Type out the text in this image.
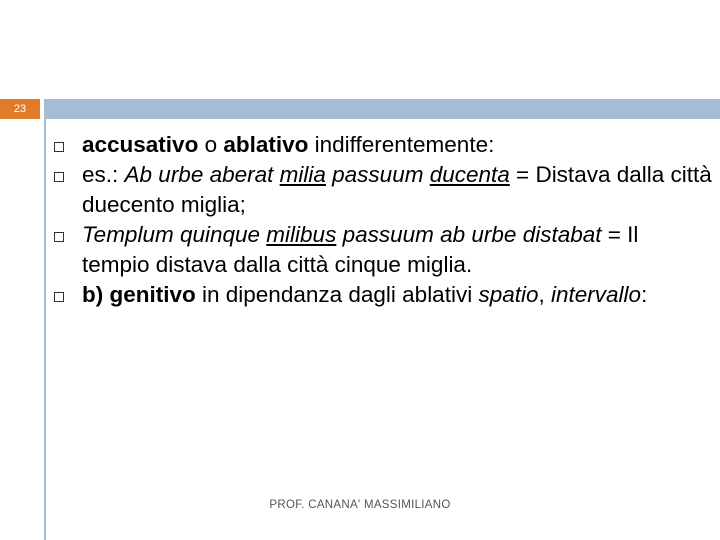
23
accusativo o ablativo indifferentemente:
es.: Ab urbe aberat milia passuum ducenta = Distava dalla città duecento miglia;
Templum quinque milibus passuum ab urbe distabat = Il tempio distava dalla città cinque miglia.
b) genitivo in dipendanza dagli ablativi spatio, intervallo:
PROF. CANANA' MASSIMILIANO
